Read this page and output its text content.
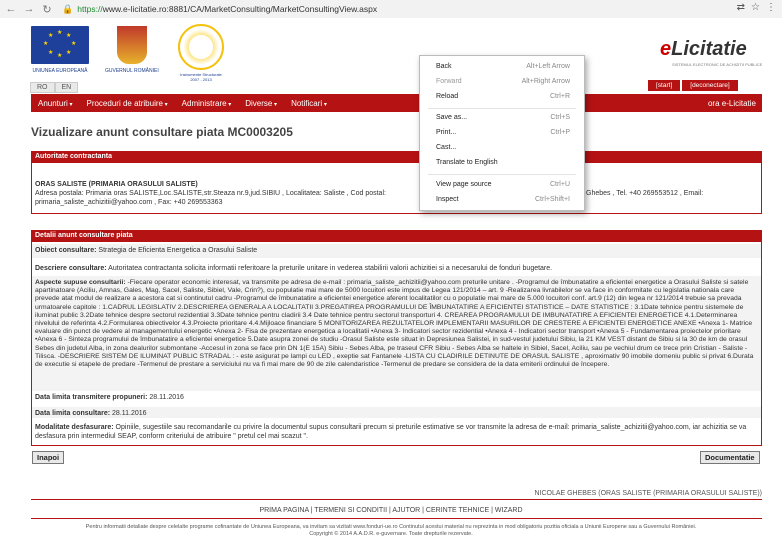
← → ↻ 🔒 https://www.e-licitatie.ro:8881/CA/MarketConsulting/MarketConsultingView.aspx	⇄ ☆ ⋮
★ ★
★
★
★
★
★
★
UNIUNEA EUROPEANĂ	GUVERNUL ROMÂNIEI
Instrumente Structurale
2007 - 2013
eLicitatie
SISTEMUL ELECTRONIC DE ACHIZITII PUBLICE
RO	EN	[start]	[deconectare]
Anunturi ▾	Proceduri de atribuire ▾	Administrare ▾	Diverse ▾	Notificari ▾	ora e-Licitatie
Vizualizare anunt consultare piata MC0003205
Autoritate contractanta
ORAS SALISTE (PRIMARIA ORASULUI SALISTE)
Adresa postala: Primaria oras SALISTE,Loc.SALISTE,str.Steaza nr.9,jud.SIBIU , Localitatea: Saliste , Cod postal:	Ghebes , Tel. +40 269553512 , Email:
primaria_saliste_achizitii@yahoo.com , Fax: +40 269553363
Detalii anunt consultare piata
Obiect consultare: Strategia de Eficienta Energetica a Orasului Saliste
Descriere consultare: Autoritatea contractanta solicita informatii referitoare la preturile unitare in vederea stabilirii valorii achizitiei si a necesarului de fonduri bugetare.
Aspecte supuse consultarii: -Fiecare operator economic interesat, va transmite pe adresa de e-mail : primaria_saliste_achizitii@yahoo.com preturile unitare . -Programul de îmbunatatire a eficientei energetice a Orasului Saliste si satele apartinatoare (Aciliu, Amnas, Gales, Mag, Sacel, Saliste, Sibiel, Vale, Crin?), cu populatie mai mare de 5000 locuitori este impus de Legea 121/2014 – art. 9 -Realizarea livrabilelor se va face in conformitate cu legislatia nationala care prevede atat modul de realizare a acestora cat si continutul cadru -Programul de îmbunatatire a eficientei energetice aferent localitatilor cu o populatie mai mare de 5.000 locuitori conf. art.9 (12) din legea nr 121/2014 trebuie sa prevada urmatoarele capitole : 1.CADRUL LEGISLATIV 2.DESCRIEREA GENERALA A LOCALITATII 3.PREGATIREA PROGRAMULUI DE ÎMBUNATATIRE A EFICIENTEI STATISTICE – DATE STATISTICE : 3.1Date tehnice pentru sistemele de iluminat public 3.2Date tehnice despre sectorul rezidential 3.3Date tehnice pentru cladirii 3.4 Date tehnice pentru sectorul transporturi 4. CREAREA PROGRAMULUI DE IMBUNATATIRE A EFICIENTEI ENERGETICE 4.1.Determinarea nivelului de referinta 4.2.Formularea obiectivelor 4.3.Proiecte prioritare 4.4.Mijloace financiare 5 MONITORIZAREA REZULTATELOR IMPLEMENTARII MASURILOR DE CRESTERE A EFICIENTEI ENERGETICE ANEXE •Anexa 1- Matrice evaluare din punct de vedere al managementului energetic •Anexa 2- Fisa de prezentare energetica a localitatii •Anexa 3- Indicatori sector rezidential •Anexa 4 - Indicatori sector transport •Anexa 5 - Fundamentarea proiectelor prioritare •Anexa 6 - Sinteza programului de îmbunatatire a eficientei energetice 5.Date asupra zonei de studiu -Orasul Saliste este situat in Depresiunea Salistei, in sud-vestul judetului Sibiu, la 21 KM VEST distant de Sibiu si la 30 de km de orasul Sebes din judetul Alba, in zona dealurilor submontane -Accesul in zona se face prin DN 1(E 15A) Sibiu - Sebes Alba, pe traseul CFR Sibiu - Sebes Alba se haltele in Sibiel, Sacel, Aciliu, sau pe vechiul drum ce trece prin Cristian - Saliste - Tilisca. -DESCRIERE SISTEM DE ILUMINAT PUBLIC STRADAL : - este asigurat pe lampi cu LED , exeptie sat Fantanele -LISTA CU CLADIRILE DETINUTE DE ORASUL SALISTE , aproximativ 90 imobile domeniu public si privat 6.Durata de executie si etapele de predare -Termenul de prestare a serviciului nu va fi mai mare de 90 de zile calendaristice -Termenul de predare se considera de la data emiterii ordinului de începere.
Data limita transmitere propuneri: 28.11.2016
Data limita consultare: 28.11.2016
Modalitate desfasurare: Opiniile, sugestiile sau recomandarile cu privire la documentul supus consultarii precum si preturile estimative se vor transmite la adresa de e-mail: primaria_saliste_achizitii@yahoo.com, iar achizitia se va desfasura prin intermediul SEAP, conform criteriului de atribuire " pretul cel mai scazut ".
Inapoi	Documentatie
NICOLAE GHEBES (ORAS SALISTE (PRIMARIA ORASULUI SALISTE))
PRIMA PAGINA | TERMENI SI CONDITII | AJUTOR | CERINTE TEHNICE | WIZARD
Pentru informatii detaliate despre celelalte programe cofinantate de Uniunea Europeana, va invitam sa vizitati www.fonduri-ue.ro Continutul acestui material nu reprezinta in mod obligatoriu pozitia oficiala a Uniunii Europene sau a Guvernului României.
Copyright © 2014 A.A.D.R. e-guvernare. Toate drepturile rezervate.
Back	Alt+Left Arrow
Forward	Alt+Right Arrow
Reload	Ctrl+R
Save as...	Ctrl+S
Print...	Ctrl+P
Cast...
Translate to English
View page source	Ctrl+U
Inspect	Ctrl+Shift+I
